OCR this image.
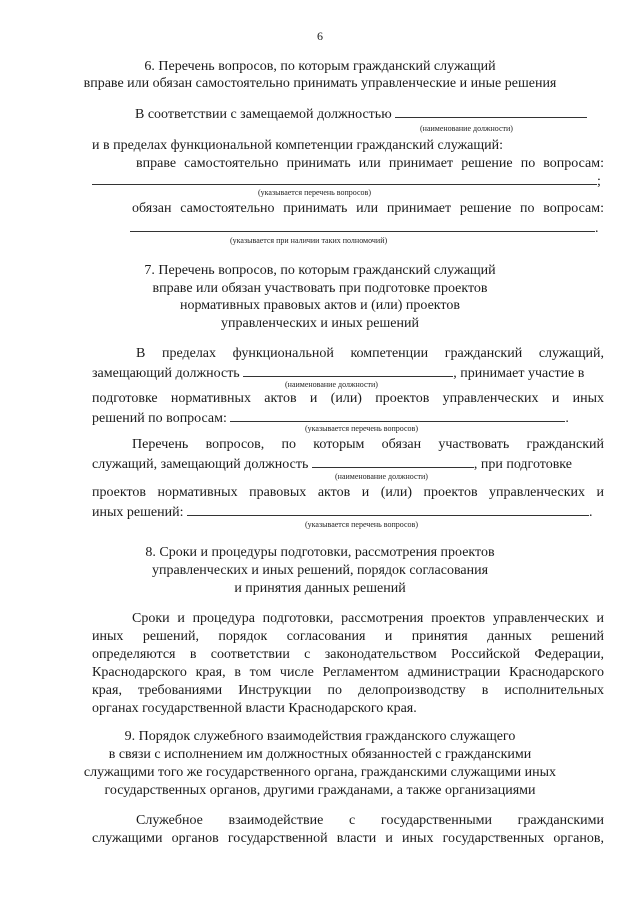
6
6. Перечень вопросов, по которым гражданский служащий
вправе или обязан самостоятельно принимать управленческие и иные решения
В соответствии с замещаемой должностью
(наименование должности)
и в пределах функциональной компетенции гражданский служащий:
вправе самостоятельно принимать или принимает решение по вопросам:
;
(указывается перечень вопросов)
обязан самостоятельно принимать или принимает решение по вопросам:
.
(указывается при наличии таких полномочий)
7. Перечень вопросов, по которым гражданский служащий
вправе или обязан участвовать при подготовке проектов
нормативных правовых актов и (или) проектов
управленческих и иных решений
В пределах функциональной компетенции гражданский служащий,
замещающий должность	, принимает участие в
(наименование должности)
подготовке нормативных актов и (или) проектов управленческих и иных
решений по вопросам:	.
(указывается перечень вопросов)
Перечень вопросов, по которым обязан участвовать гражданский
служащий, замещающий должность	, при подготовке
(наименование должности)
проектов нормативных правовых актов и (или) проектов управленческих и
иных решений:	.
(указывается перечень вопросов)
8. Сроки и процедуры подготовки, рассмотрения проектов
управленческих и иных решений, порядок согласования
и принятия данных решений
Сроки и процедура подготовки, рассмотрения проектов управленческих и
иных решений, порядок согласования и принятия данных решений
определяются в соответствии с законодательством Российской Федерации,
Краснодарского края, в том числе Регламентом администрации Краснодарского
края, требованиями Инструкции по делопроизводству в исполнительных
органах государственной власти Краснодарского края.
9. Порядок служебного взаимодействия гражданского служащего
в связи с исполнением им должностных обязанностей с гражданскими
служащими того же государственного органа, гражданскими служащими иных
государственных органов, другими гражданами, а также организациями
Служебное взаимодействие с государственными гражданскими
служащими органов государственной власти и иных государственных органов,
